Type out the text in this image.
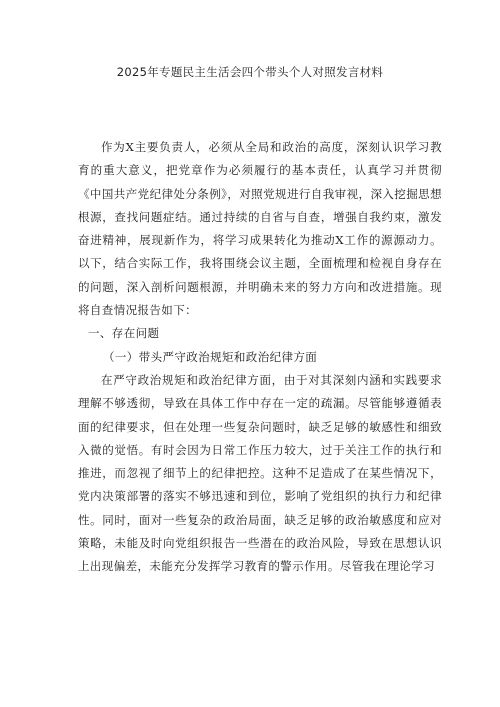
2025年专题民主生活会四个带头个人对照发言材料

作为X主要负责人，必须从全局和政治的高度，深刻认识学习教育的重大意义，把党章作为必须履行的基本责任，认真学习并贯彻《中国共产党纪律处分条例》，对照党规进行自我审视，深入挖掘思想根源，查找问题症结。通过持续的自省与自查，增强自我约束，激发奋进精神，展现新作为，将学习成果转化为推动X工作的源源动力。以下，结合实际工作，我将围绕会议主题，全面梳理和检视自身存在的问题，深入剖析问题根源，并明确未来的努力方向和改进措施。现将自查情况报告如下：

一、存在问题

（一）带头严守政治规矩和政治纪律方面

在严守政治规矩和政治纪律方面，由于对其深刻内涵和实践要求理解不够透彻，导致在具体工作中存在一定的疏漏。尽管能够遵循表面的纪律要求，但在处理一些复杂问题时，缺乏足够的敏感性和细致入微的觉悟。有时会因为日常工作压力较大，过于关注工作的执行和推进，而忽视了细节上的纪律把控。这种不足造成了在某些情况下，党内决策部署的落实不够迅速和到位，影响了党组织的执行力和纪律性。同时，面对一些复杂的政治局面，缺乏足够的政治敏感度和应对策略，未能及时向党组织报告一些潜在的政治风险，导致在思想认识上出现偏差，未能充分发挥学习教育的警示作用。尽管我在理论学习
